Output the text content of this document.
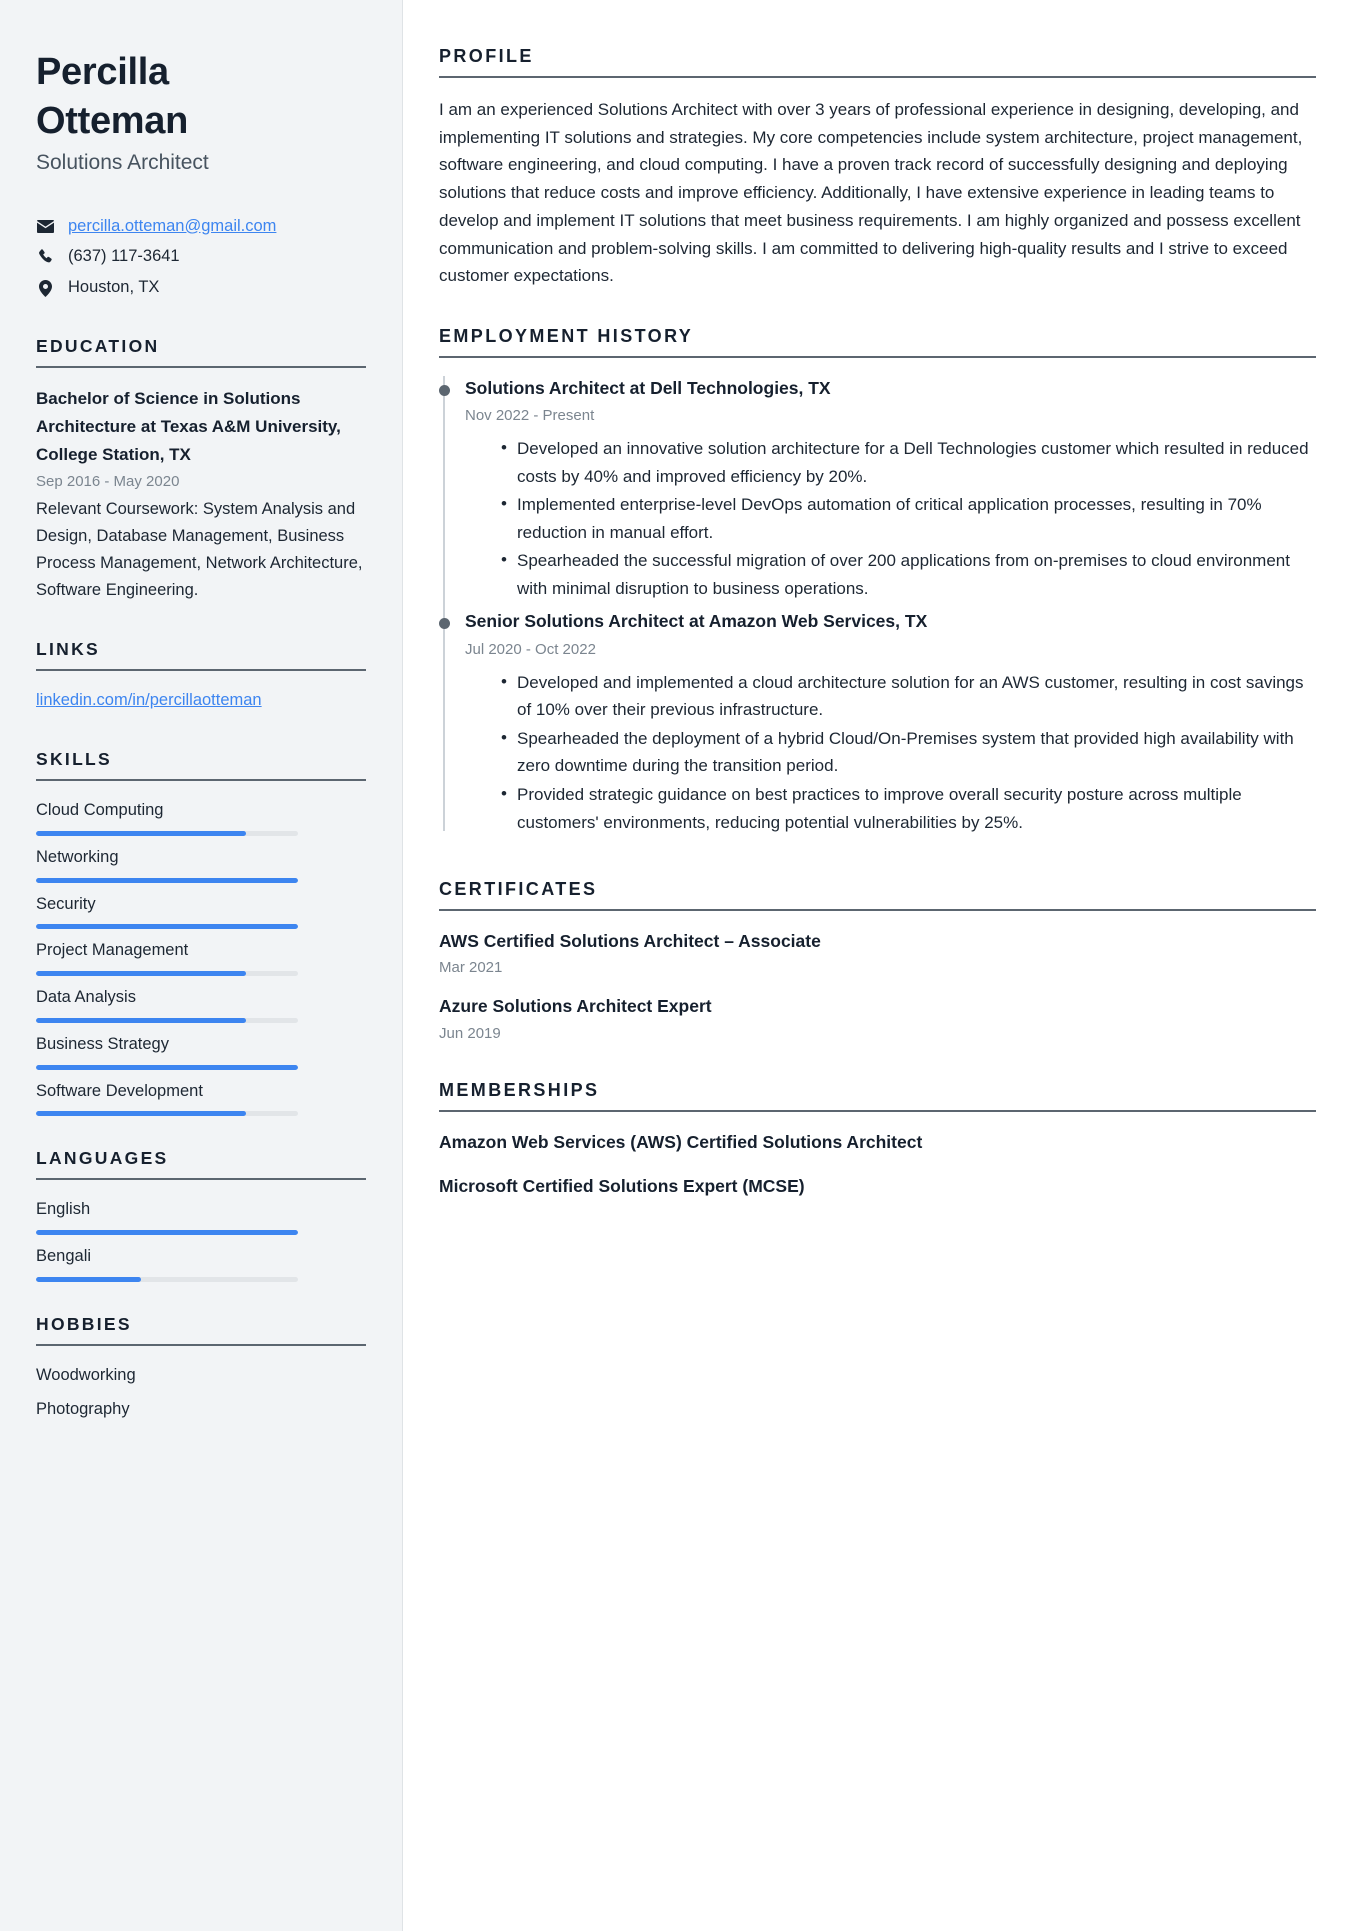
Percilla
Otteman
Solutions Architect
percilla.otteman@gmail.com
(637) 117-3641
Houston, TX
EDUCATION
Bachelor of Science in Solutions Architecture at Texas A&M University, College Station, TX
Sep 2016 - May 2020
Relevant Coursework: System Analysis and Design, Database Management, Business Process Management, Network Architecture, Software Engineering.
LINKS
linkedin.com/in/percillaotteman
SKILLS
Cloud Computing
Networking
Security
Project Management
Data Analysis
Business Strategy
Software Development
LANGUAGES
English
Bengali
HOBBIES
Woodworking
Photography
PROFILE

I am an experienced Solutions Architect with over 3 years of professional experience in designing, developing, and implementing IT solutions and strategies. My core competencies include system architecture, project management, software engineering, and cloud computing. I have a proven track record of successfully designing and deploying solutions that reduce costs and improve efficiency. Additionally, I have extensive experience in leading teams to develop and implement IT solutions that meet business requirements. I am highly organized and possess excellent communication and problem-solving skills. I am committed to delivering high-quality results and I strive to exceed customer expectations.

EMPLOYMENT HISTORY
Solutions Architect at Dell Technologies, TX
Nov 2022 - Present
• Developed an innovative solution architecture for a Dell Technologies customer which resulted in reduced costs by 40% and improved efficiency by 20%.
• Implemented enterprise-level DevOps automation of critical application processes, resulting in 70% reduction in manual effort.
• Spearheaded the successful migration of over 200 applications from on-premises to cloud environment with minimal disruption to business operations.
Senior Solutions Architect at Amazon Web Services, TX
Jul 2020 - Oct 2022
• Developed and implemented a cloud architecture solution for an AWS customer, resulting in cost savings of 10% over their previous infrastructure.
• Spearheaded the deployment of a hybrid Cloud/On-Premises system that provided high availability with zero downtime during the transition period.
• Provided strategic guidance on best practices to improve overall security posture across multiple customers' environments, reducing potential vulnerabilities by 25%.
CERTIFICATES
AWS Certified Solutions Architect – Associate
Mar 2021
Azure Solutions Architect Expert
Jun 2019
MEMBERSHIPS
Amazon Web Services (AWS) Certified Solutions Architect
Microsoft Certified Solutions Expert (MCSE)
